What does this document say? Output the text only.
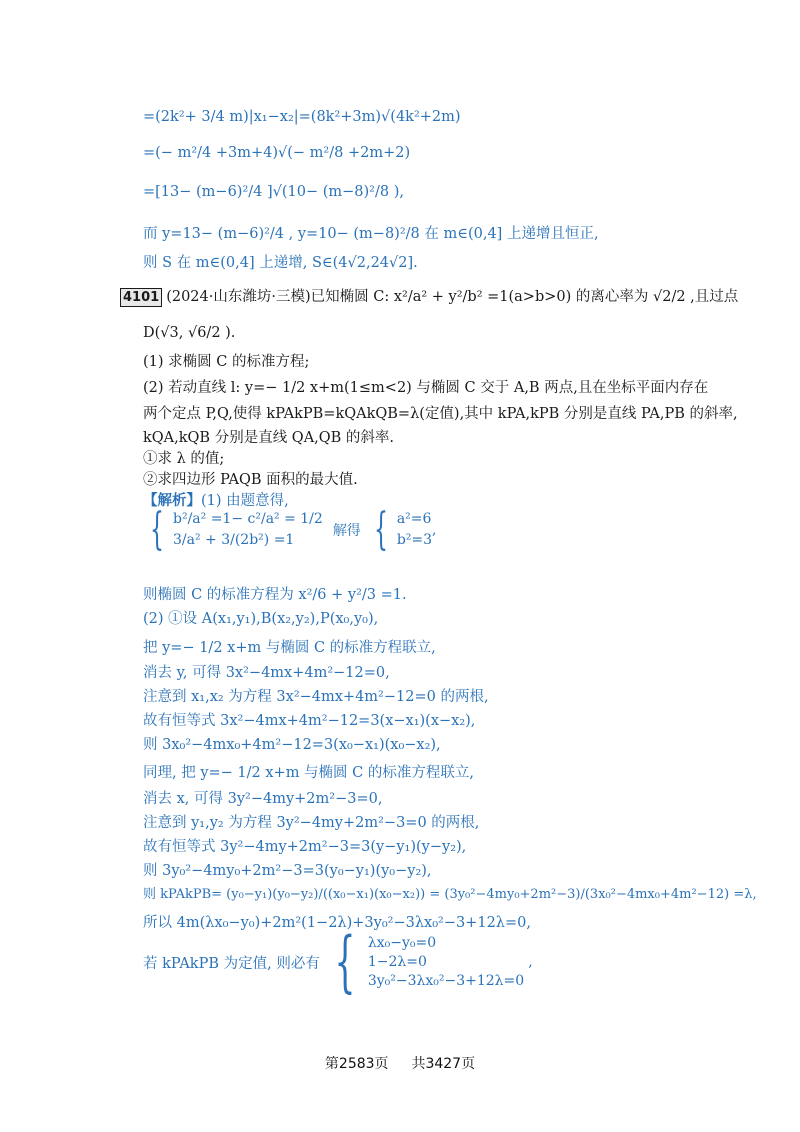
=(2k²+ 3/4 m)|x₁−x₂|=(8k²+3m)√(4k²+2m)
=(− m²/4 +3m+4)√(− m²/8 +2m+2)
=[13− (m−6)²/4 ]√(10− (m−8)²/8 ),
而 y=13− (m−6)²/4 , y=10− (m−8)²/8 在 m∈(0,4] 上递增且恒正,
则 S 在 m∈(0,4] 上递增, S∈(4√2,24√2].
4101 (2024·山东潍坊·三模)已知椭圆 C: x²/a² + y²/b² =1(a>b>0) 的离心率为 √2/2 ,且过点
D(√3, √6/2 ).
(1) 求椭圆 C 的标准方程;
(2) 若动直线 l: y=− 1/2 x+m(1≤m<2) 与椭圆 C 交于 A,B 两点,且在坐标平面内存在
两个定点 P,Q,使得 kPAkPB=kQAkQB=λ(定值),其中 kPA,kPB 分别是直线 PA,PB 的斜率,
kQA,kQB 分别是直线 QA,QB 的斜率.
①求 λ 的值;
②求四边形 PAQB 面积的最大值.
【解析】(1) 由题意得,
{ b²/a² =1− c²/a² = 1/2
3/a² + 3/(2b²) =1
解得 { a²=6
b²=3
,
则椭圆 C 的标准方程为 x²/6 + y²/3 =1.
(2) ①设 A(x₁,y₁),B(x₂,y₂),P(x₀,y₀),
把 y=− 1/2 x+m 与椭圆 C 的标准方程联立,
消去 y, 可得 3x²−4mx+4m²−12=0,
注意到 x₁,x₂ 为方程 3x²−4mx+4m²−12=0 的两根,
故有恒等式 3x²−4mx+4m²−12=3(x−x₁)(x−x₂),
则 3x₀²−4mx₀+4m²−12=3(x₀−x₁)(x₀−x₂),
同理, 把 y=− 1/2 x+m 与椭圆 C 的标准方程联立,
消去 x, 可得 3y²−4my+2m²−3=0,
注意到 y₁,y₂ 为方程 3y²−4my+2m²−3=0 的两根,
故有恒等式 3y²−4my+2m²−3=3(y−y₁)(y−y₂),
则 3y₀²−4my₀+2m²−3=3(y₀−y₁)(y₀−y₂),
则 kPAkPB= (y₀−y₁)(y₀−y₂)/((x₀−x₁)(x₀−x₂)) = (3y₀²−4my₀+2m²−3)/(3x₀²−4mx₀+4m²−12) =λ,
所以 4m(λx₀−y₀)+2m²(1−2λ)+3y₀²−3λx₀²−3+12λ=0,
若 kPAkPB 为定值, 则必有 { λx₀−y₀=0
1−2λ=0
3y₀²−3λx₀²−3+12λ=0
,
第2583页 共3427页
